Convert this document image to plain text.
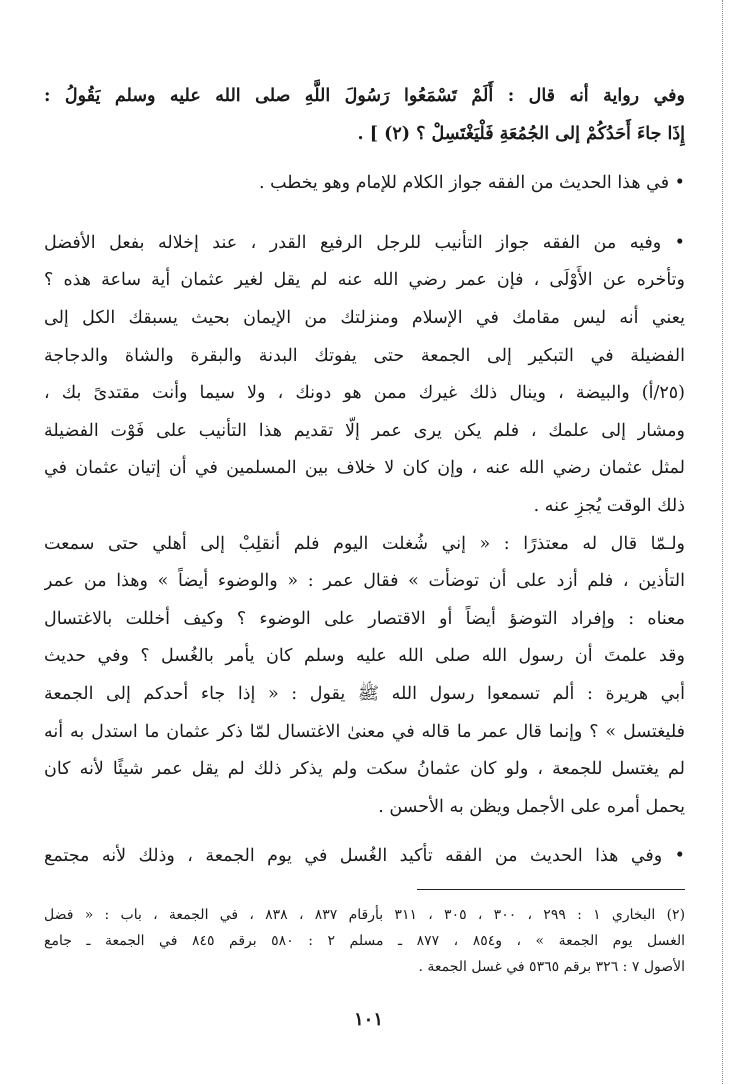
وفي رواية أنه قال : أَلَمْ تَسْمَعُوا رَسُولَ اللَّهِ صلى الله عليه وسلم يَقُولُ :
إِذَا جاءَ أَحَدُكُمْ إلى الجُمُعَةِ فَلْيَغْتَسِلْ ؟ (٢) ] .
• في هذا الحديث من الفقه جواز الكلام للإمام وهو يخطب .
• وفيه من الفقه جواز التأنيب للرجل الرفيع القدر ، عند إخلاله بفعل الأفضل
وتأخره عن الأَوْلَى ، فإن عمر رضي الله عنه لم يقل لغير عثمان أية ساعة هذه ؟
يعني أنه ليس مقامك في الإسلام ومنزلتك من الإيمان بحيث يسبقك الكل إلى
الفضيلة في التبكير إلى الجمعة حتى يفوتك البدنة والبقرة والشاة والدجاجة
(٢٥/أ) والبيضة ، وينال ذلك غيرك ممن هو دونك ، ولا سيما وأنت مقتدىً بك ،
ومشار إلى علمك ، فلم يكن يرى عمر إلّا تقديم هذا التأنيب على فَوْت الفضيلة
لمثل عثمان رضي الله عنه ، وإن كان لا خلاف بين المسلمين في أن إتيان عثمان في
ذلك الوقت يُجزِ عنه .
ولـمّا قال له معتذرًا : « إني شُغلت اليوم فلم أنقلِبْ إلى أهلي حتى سمعت
التأذين ، فلم أزد على أن توضأت » فقال عمر : « والوضوء أيضاً » وهذا من عمر
معناه : وإفراد التوضؤ أيضاً أو الاقتصار على الوضوء ؟ وكيف أخللت بالاغتسال
وقد علمتَ أن رسول الله صلى الله عليه وسلم كان يأمر بالغُسل ؟ وفي حديث
أبي هريرة : ألم تسمعوا رسول الله ﷺ يقول : « إذا جاء أحدكم إلى الجمعة
فليغتسل » ؟ وإنما قال عمر ما قاله في معنىٰ الاغتسال لمّا ذكر عثمان ما استدل به أنه
لم يغتسل للجمعة ، ولو كان عثمانُ سكت ولم يذكر ذلك لم يقل عمر شيئًا لأنه كان
يحمل أمره على الأجمل ويظن به الأحسن .
• وفي هذا الحديث من الفقه تأكيد الغُسل في يوم الجمعة ، وذلك لأنه مجتمع
(٢) البخاري ١ : ٢٩٩ ، ٣٠٠ ، ٣٠٥ ، ٣١١ بأرقام ٨٣٧ ، ٨٣٨ ، في الجمعة ، باب : « فضل
الغسل يوم الجمعة » ، و٨٥٤ ، ٨٧٧ ـ مسلم ٢ : ٥٨٠ برقم ٨٤٥ في الجمعة ـ جامع
الأصول ٧ : ٣٢٦ برقم ٥٣٦٥ في غسل الجمعة .
١٠١
